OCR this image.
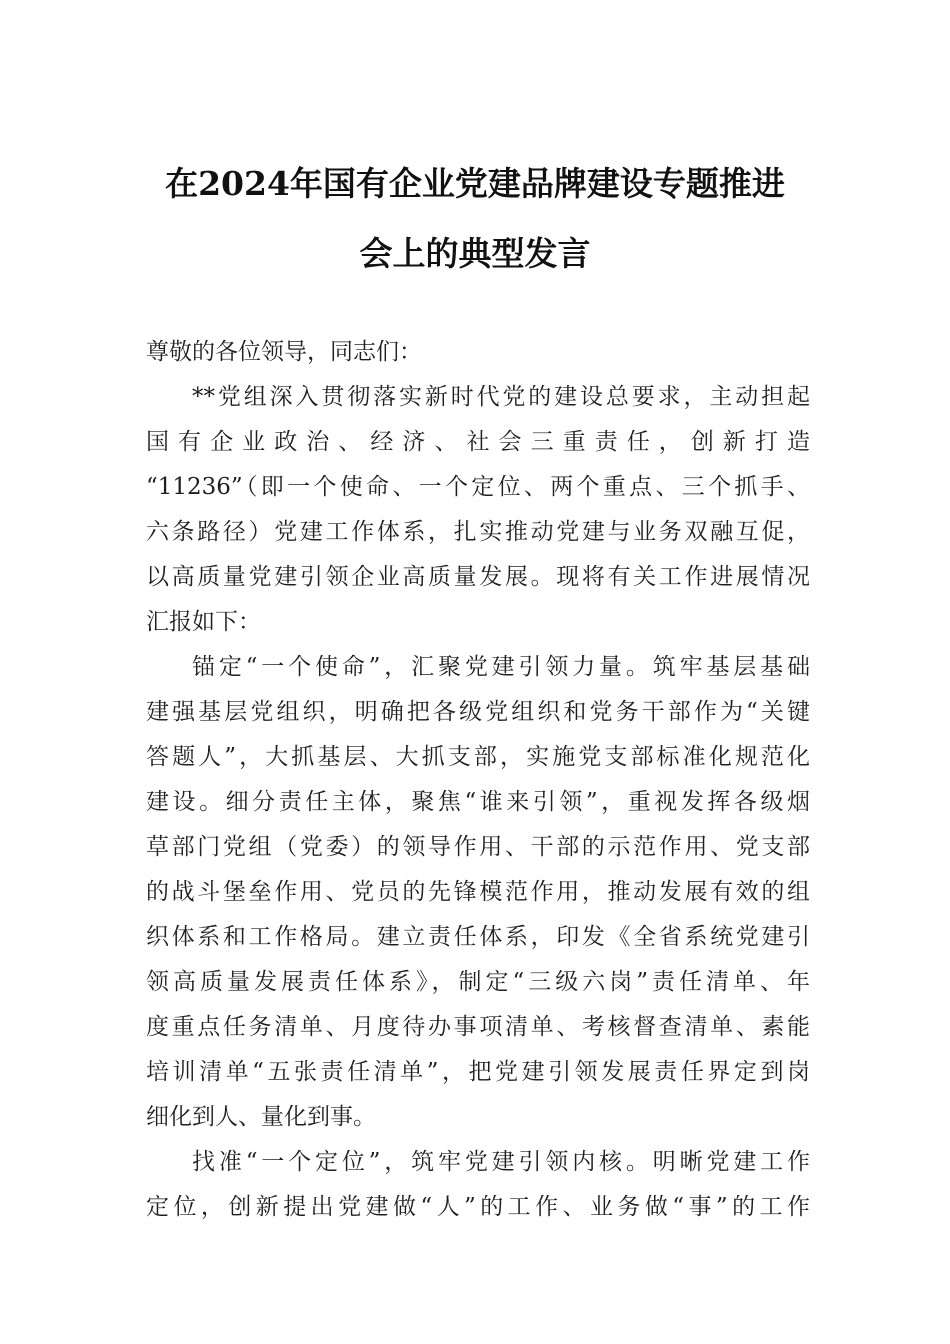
在2024年国有企业党建品牌建设专题推进
会上的典型发言
尊敬的各位领导，同志们：
**党组深入贯彻落实新时代党的建设总要求，主动担起
国有企业政治、经济、社会三重责任，创新打造
“11236”（即一个使命、一个定位、两个重点、三个抓手、
六条路径）党建工作体系，扎实推动党建与业务双融互促，
以高质量党建引领企业高质量发展。现将有关工作进展情况
汇报如下：
锚定“一个使命”，汇聚党建引领力量。筑牢基层基础
建强基层党组织，明确把各级党组织和党务干部作为“关键
答题人”，大抓基层、大抓支部，实施党支部标准化规范化
建设。细分责任主体，聚焦“谁来引领”，重视发挥各级烟
草部门党组（党委）的领导作用、干部的示范作用、党支部
的战斗堡垒作用、党员的先锋模范作用，推动发展有效的组
织体系和工作格局。建立责任体系，印发《全省系统党建引
领高质量发展责任体系》，制定“三级六岗”责任清单、年
度重点任务清单、月度待办事项清单、考核督查清单、素能
培训清单“五张责任清单”，把党建引领发展责任界定到岗
细化到人、量化到事。
找准“一个定位”，筑牢党建引领内核。明晰党建工作
定位，创新提出党建做“人”的工作、业务做“事”的工作
